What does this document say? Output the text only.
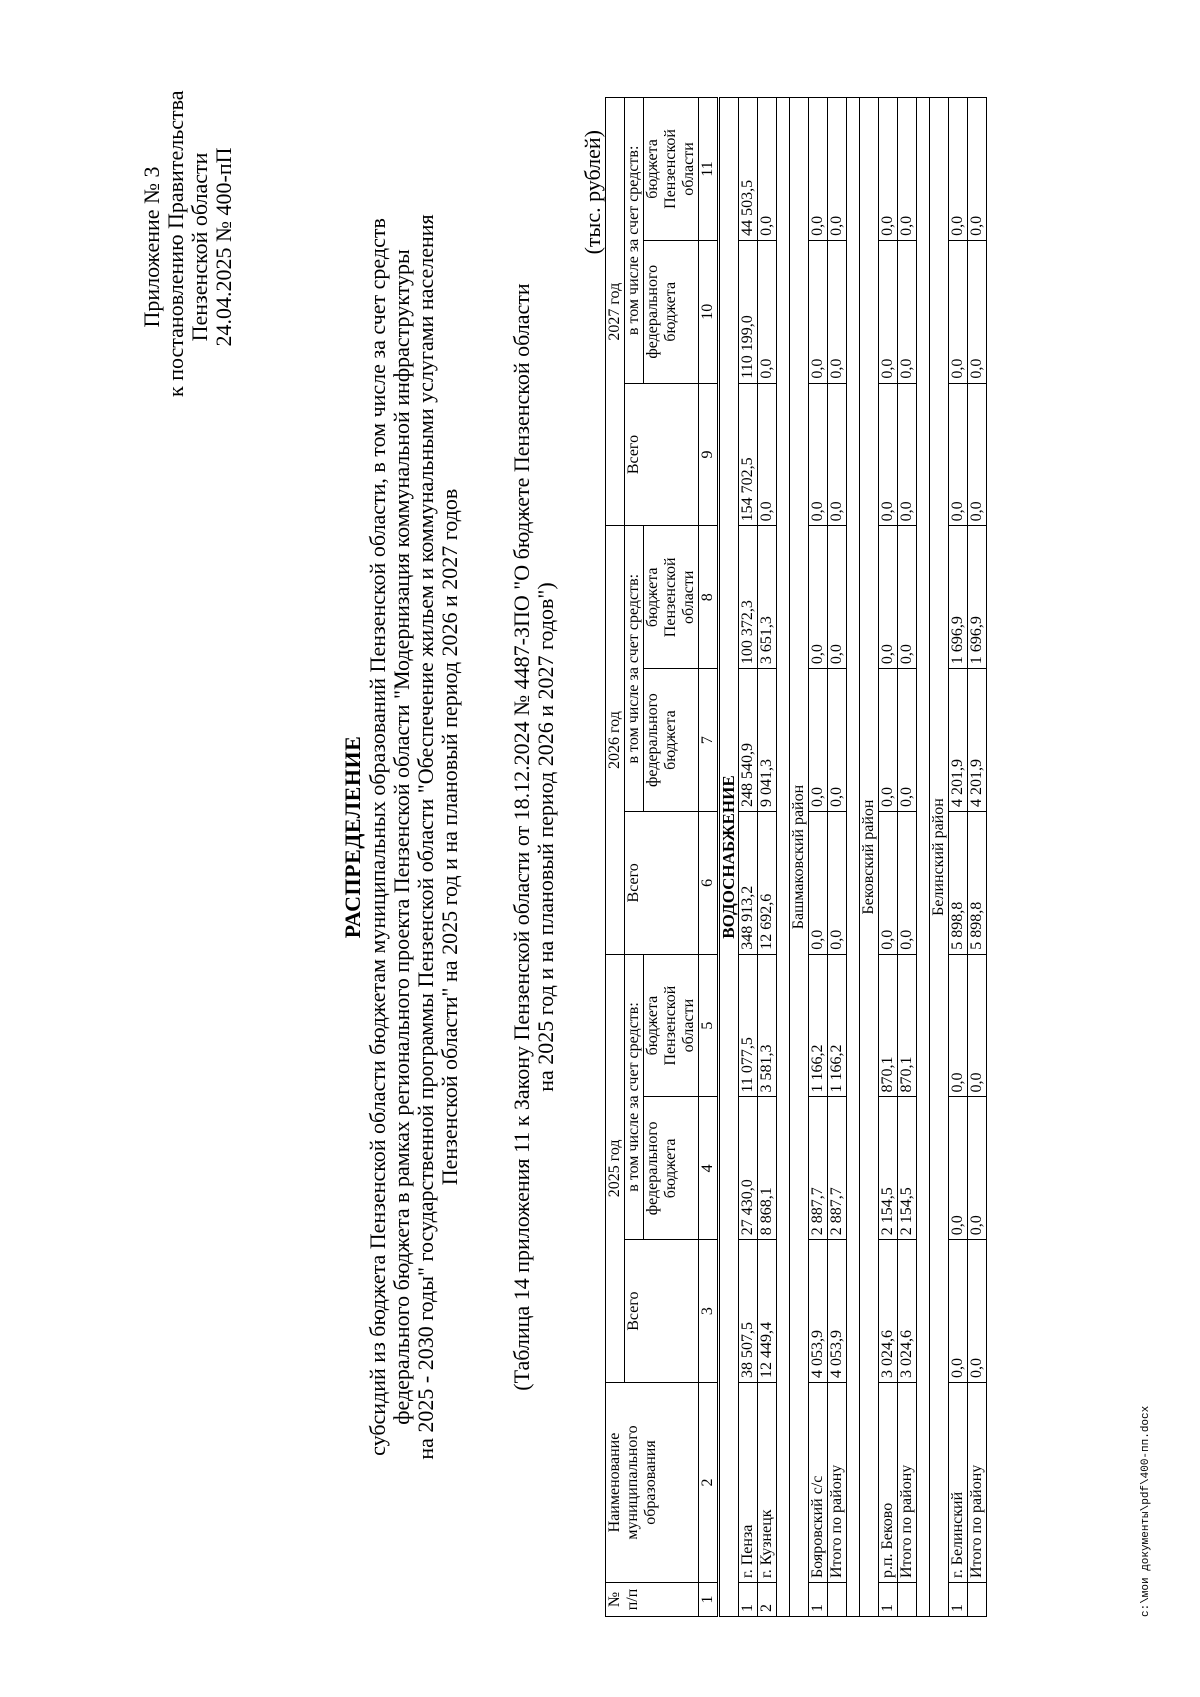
Приложение № 3 к постановлению Правительства Пензенской области 24.04.2025 № 400-пП
РАСПРЕДЕЛЕНИЕ субсидий из бюджета Пензенской области бюджетам муниципальных образований Пензенской области, в том числе за счет средств федерального бюджета в рамках регионального проекта Пензенской области "Модернизация коммунальной инфраструктуры на 2025 - 2030 годы" государственной программы Пензенской области "Обеспечение жильем и коммунальными услугами населения Пензенской области" на 2025 год и на плановый период 2026 и 2027 годов (Таблица 14 приложения 11 к Закону Пензенской области от 18.12.2024 № 4487-ЗПО "О бюджете Пензенской области на 2025 год и на плановый период 2026 и 2027 годов")
(тыс. рублей)
№ п/п	Наименование муниципального образования	2025 год			2026 год			2027 год		
		Всего	в том числе за счет средств:		Всего	в том числе за счет средств:		Всего	в том числе за счет средств:	
			федерального бюджета	бюджета Пензенской области		федерального бюджета	бюджета Пензенской области		федерального бюджета	бюджета Пензенской области
1	2	3	4	5	6	7	8	9	10	11
ВОДОСНАБЖЕНИЕ										
1	г. Пенза	38 507,5	27 430,0	11 077,5	348 913,2	248 540,9	100 372,3	154 702,5	110 199,0	44 503,5
2	г. Кузнецк	12 449,4	8 868,1	3 581,3	12 692,6	9 041,3	3 651,3	0,0	0,0	0,0

Башмаковский район										
1	Бояровский с/с	4 053,9	2 887,7	1 166,2	0,0	0,0	0,0	0,0	0,0	0,0
	Итого по району	4 053,9	2 887,7	1 166,2	0,0	0,0	0,0	0,0	0,0	0,0

Бековский район										
1	р.п. Беково	3 024,6	2 154,5	870,1	0,0	0,0	0,0	0,0	0,0	0,0
	Итого по району	3 024,6	2 154,5	870,1	0,0	0,0	0,0	0,0	0,0	0,0

Белинский район										
1	г. Белинский	0,0	0,0	0,0	5 898,8	4 201,9	1 696,9	0,0	0,0	0,0
	Итого по району	0,0	0,0	0,0	5 898,8	4 201,9	1 696,9	0,0	0,0	0,0
c:\мои документы\pdf\400-пп.docx
